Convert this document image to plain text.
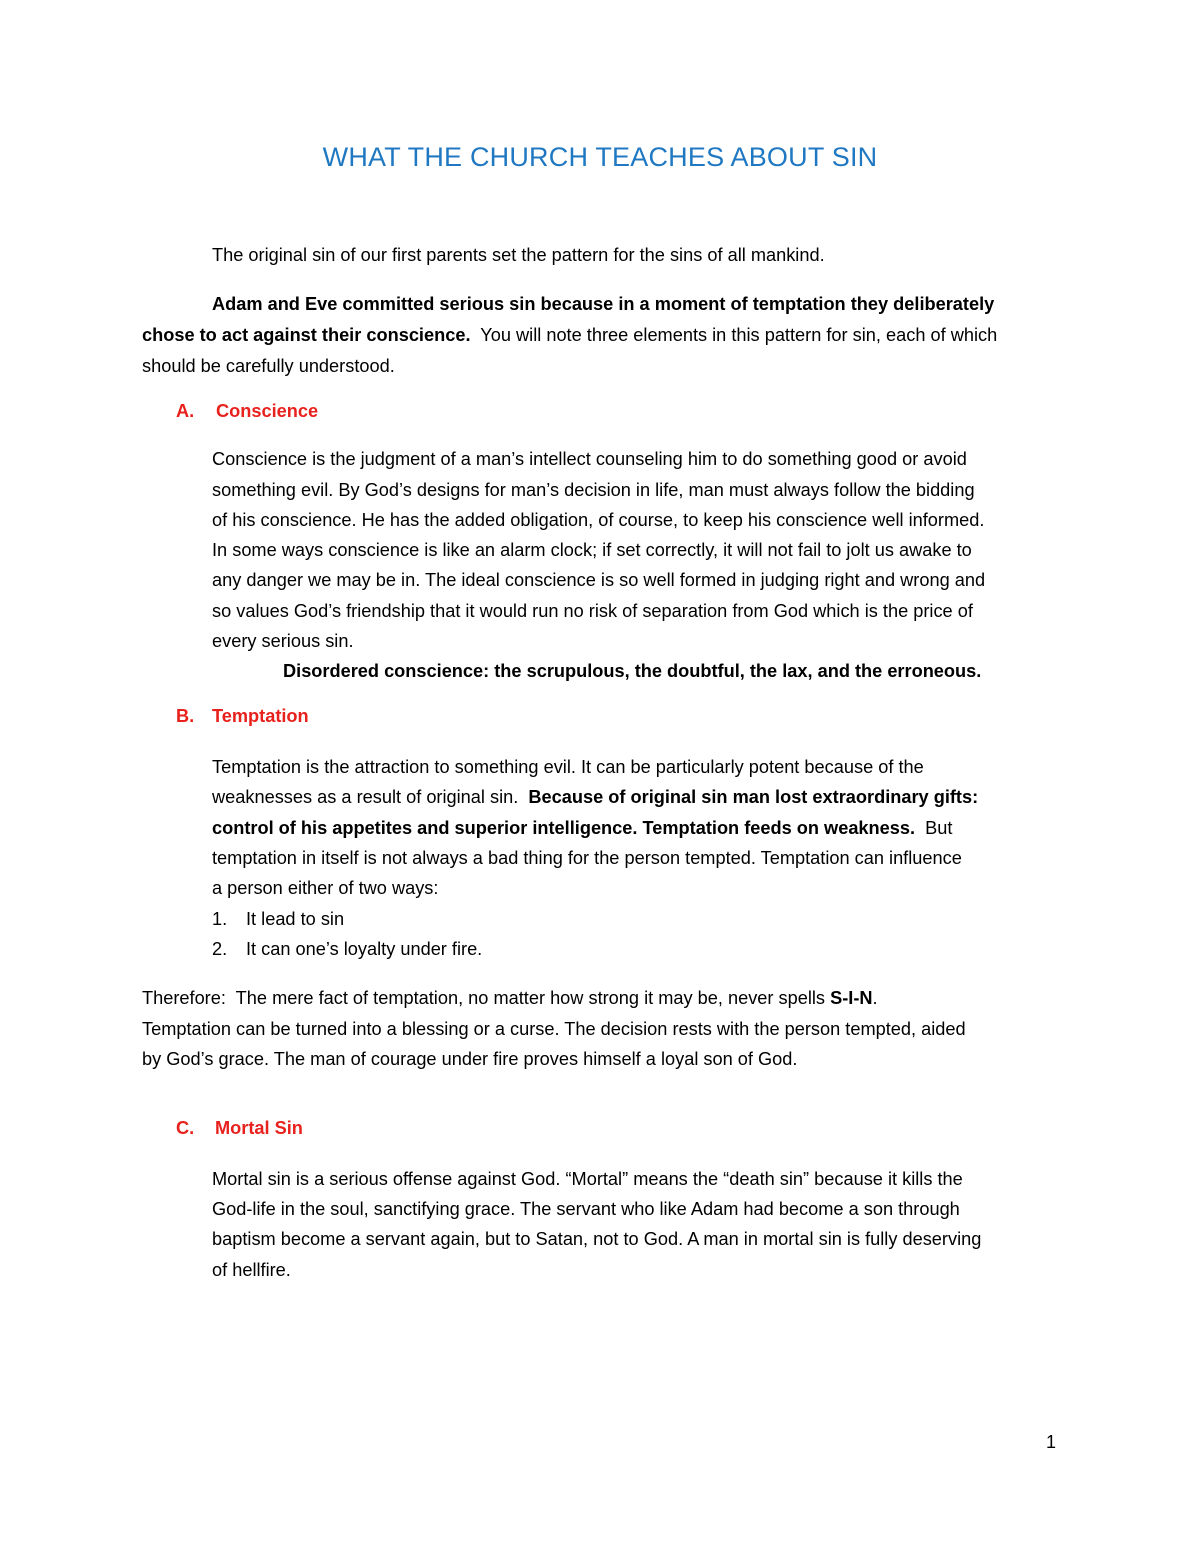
WHAT THE CHURCH TEACHES ABOUT SIN
The original sin of our first parents set the pattern for the sins of all mankind.
Adam and Eve committed serious sin because in a moment of temptation they deliberately
chose to act against their conscience.  You will note three elements in this pattern for sin, each of which
should be carefully understood.
A. Conscience
Conscience is the judgment of a man’s intellect counseling him to do something good or avoid
something evil. By God’s designs for man’s decision in life, man must always follow the bidding
of his conscience. He has the added obligation, of course, to keep his conscience well informed.
In some ways conscience is like an alarm clock; if set correctly, it will not fail to jolt us awake to
any danger we may be in. The ideal conscience is so well formed in judging right and wrong and
so values God’s friendship that it would run no risk of separation from God which is the price of
every serious sin.
Disordered conscience: the scrupulous, the doubtful, the lax, and the erroneous.
B. Temptation
Temptation is the attraction to something evil. It can be particularly potent because of the
weaknesses as a result of original sin.  Because of original sin man lost extraordinary gifts:
control of his appetites and superior intelligence. Temptation feeds on weakness.  But
temptation in itself is not always a bad thing for the person tempted. Temptation can influence
a person either of two ways:
1. It lead to sin
2. It can one’s loyalty under fire.
Therefore:  The mere fact of temptation, no matter how strong it may be, never spells S-I-N.
Temptation can be turned into a blessing or a curse. The decision rests with the person tempted, aided
by God’s grace. The man of courage under fire proves himself a loyal son of God.
C. Mortal Sin
Mortal sin is a serious offense against God. “Mortal” means the “death sin” because it kills the
God-life in the soul, sanctifying grace. The servant who like Adam had become a son through
baptism become a servant again, but to Satan, not to God. A man in mortal sin is fully deserving
of hellfire.
1
